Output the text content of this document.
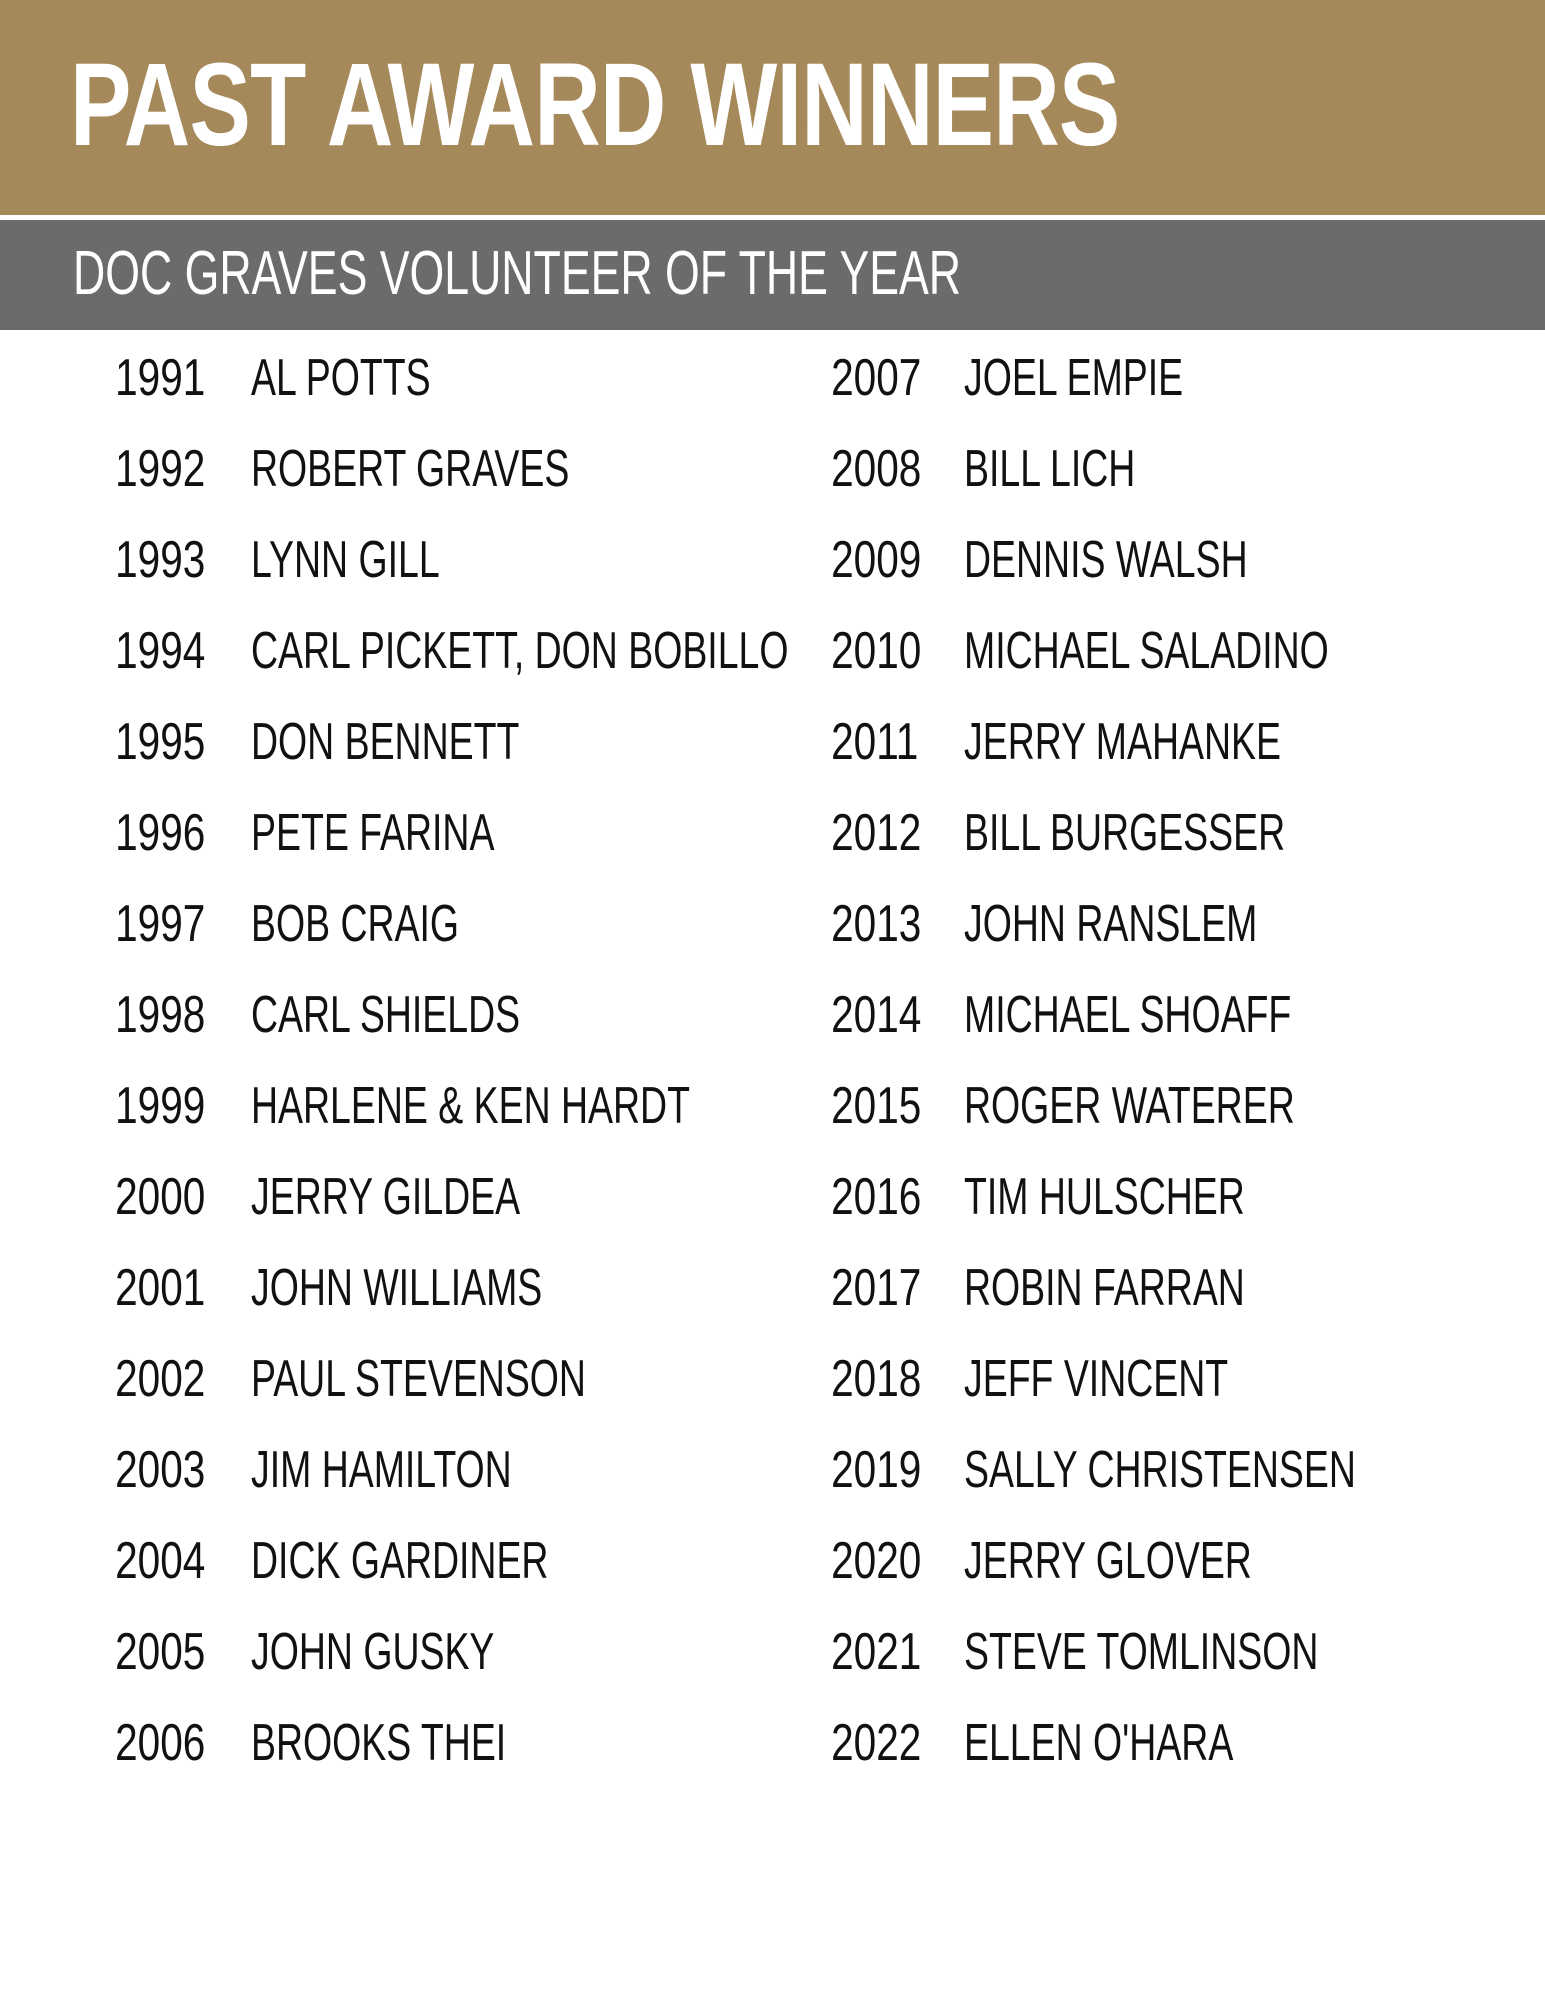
PAST AWARD WINNERS
DOC GRAVES VOLUNTEER OF THE YEAR
1991 AL POTTS
1992 ROBERT GRAVES
1993 LYNN GILL
1994 CARL PICKETT, DON BOBILLO
1995 DON BENNETT
1996 PETE FARINA
1997 BOB CRAIG
1998 CARL SHIELDS
1999 HARLENE & KEN HARDT
2000 JERRY GILDEA
2001 JOHN WILLIAMS
2002 PAUL STEVENSON
2003 JIM HAMILTON
2004 DICK GARDINER
2005 JOHN GUSKY
2006 BROOKS THEI
2007 JOEL EMPIE
2008 BILL LICH
2009 DENNIS WALSH
2010 MICHAEL SALADINO
2011 JERRY MAHANKE
2012 BILL BURGESSER
2013 JOHN RANSLEM
2014 MICHAEL SHOAFF
2015 ROGER WATERER
2016 TIM HULSCHER
2017 ROBIN FARRAN
2018 JEFF VINCENT
2019 SALLY CHRISTENSEN
2020 JERRY GLOVER
2021 STEVE TOMLINSON
2022 ELLEN O'HARA
